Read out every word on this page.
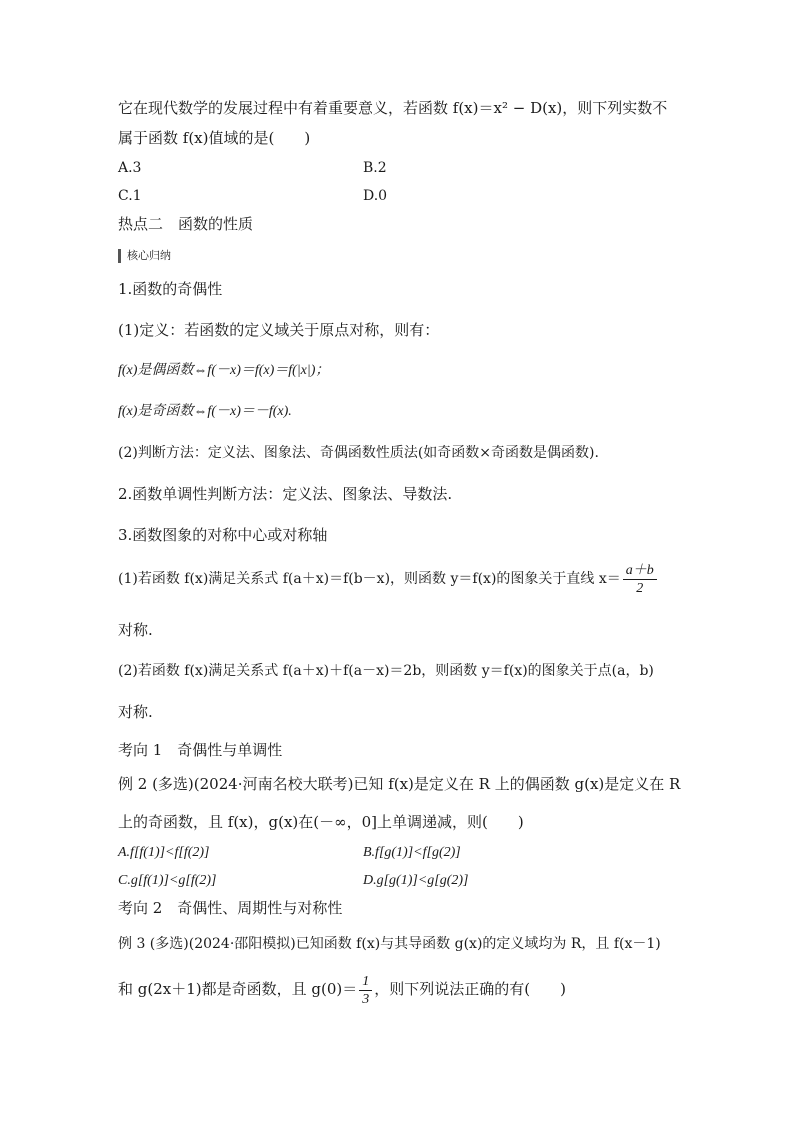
它在现代数学的发展过程中有着重要意义，若函数 f(x)＝x² − D(x)，则下列实数不

属于函数 f(x)值域的是(　　)

A.3	B.2

C.1	D.0

热点二　函数的性质

核心归纳

1.函数的奇偶性

(1)定义：若函数的定义域关于原点对称，则有：

f(x)是偶函数⇔f(－x)＝f(x)＝f(|x|)；

f(x)是奇函数⇔f(－x)＝－f(x).

(2)判断方法：定义法、图象法、奇偶函数性质法(如奇函数×奇函数是偶函数).

2.函数单调性判断方法：定义法、图象法、导数法.

3.函数图象的对称中心或对称轴

(1)若函数 f(x)满足关系式 f(a＋x)＝f(b－x)，则函数 y＝f(x)的图象关于直线 $x= \frac{a+b}{2}$

对称.

(2)若函数 f(x)满足关系式 f(a＋x)＋f(a－x)＝2b，则函数 y＝f(x)的图象关于点(a，b)

对称.

考向 1　奇偶性与单调性

例 2 (多选)(2024·河南名校大联考)已知 f(x)是定义在 R 上的偶函数 g(x)是定义在 R

上的奇函数，且 f(x)，g(x)在(－∞，0]上单调递减，则(　　)

A.f[f(1)]<f[f(2)]	B.f[g(1)]<f[g(2)]

C.g[f(1)]<g[f(2)]	D.g[g(1)]<g[g(2)]

考向 2　奇偶性、周期性与对称性

例 3 (多选)(2024·邵阳模拟)已知函数 f(x)与其导函数 g(x)的定义域均为 R，且 f(x－1)

和 g(2x＋1)都是奇函数，且 $g(0)= \frac{1}{3}$ ，则下列说法正确的有(　　)
